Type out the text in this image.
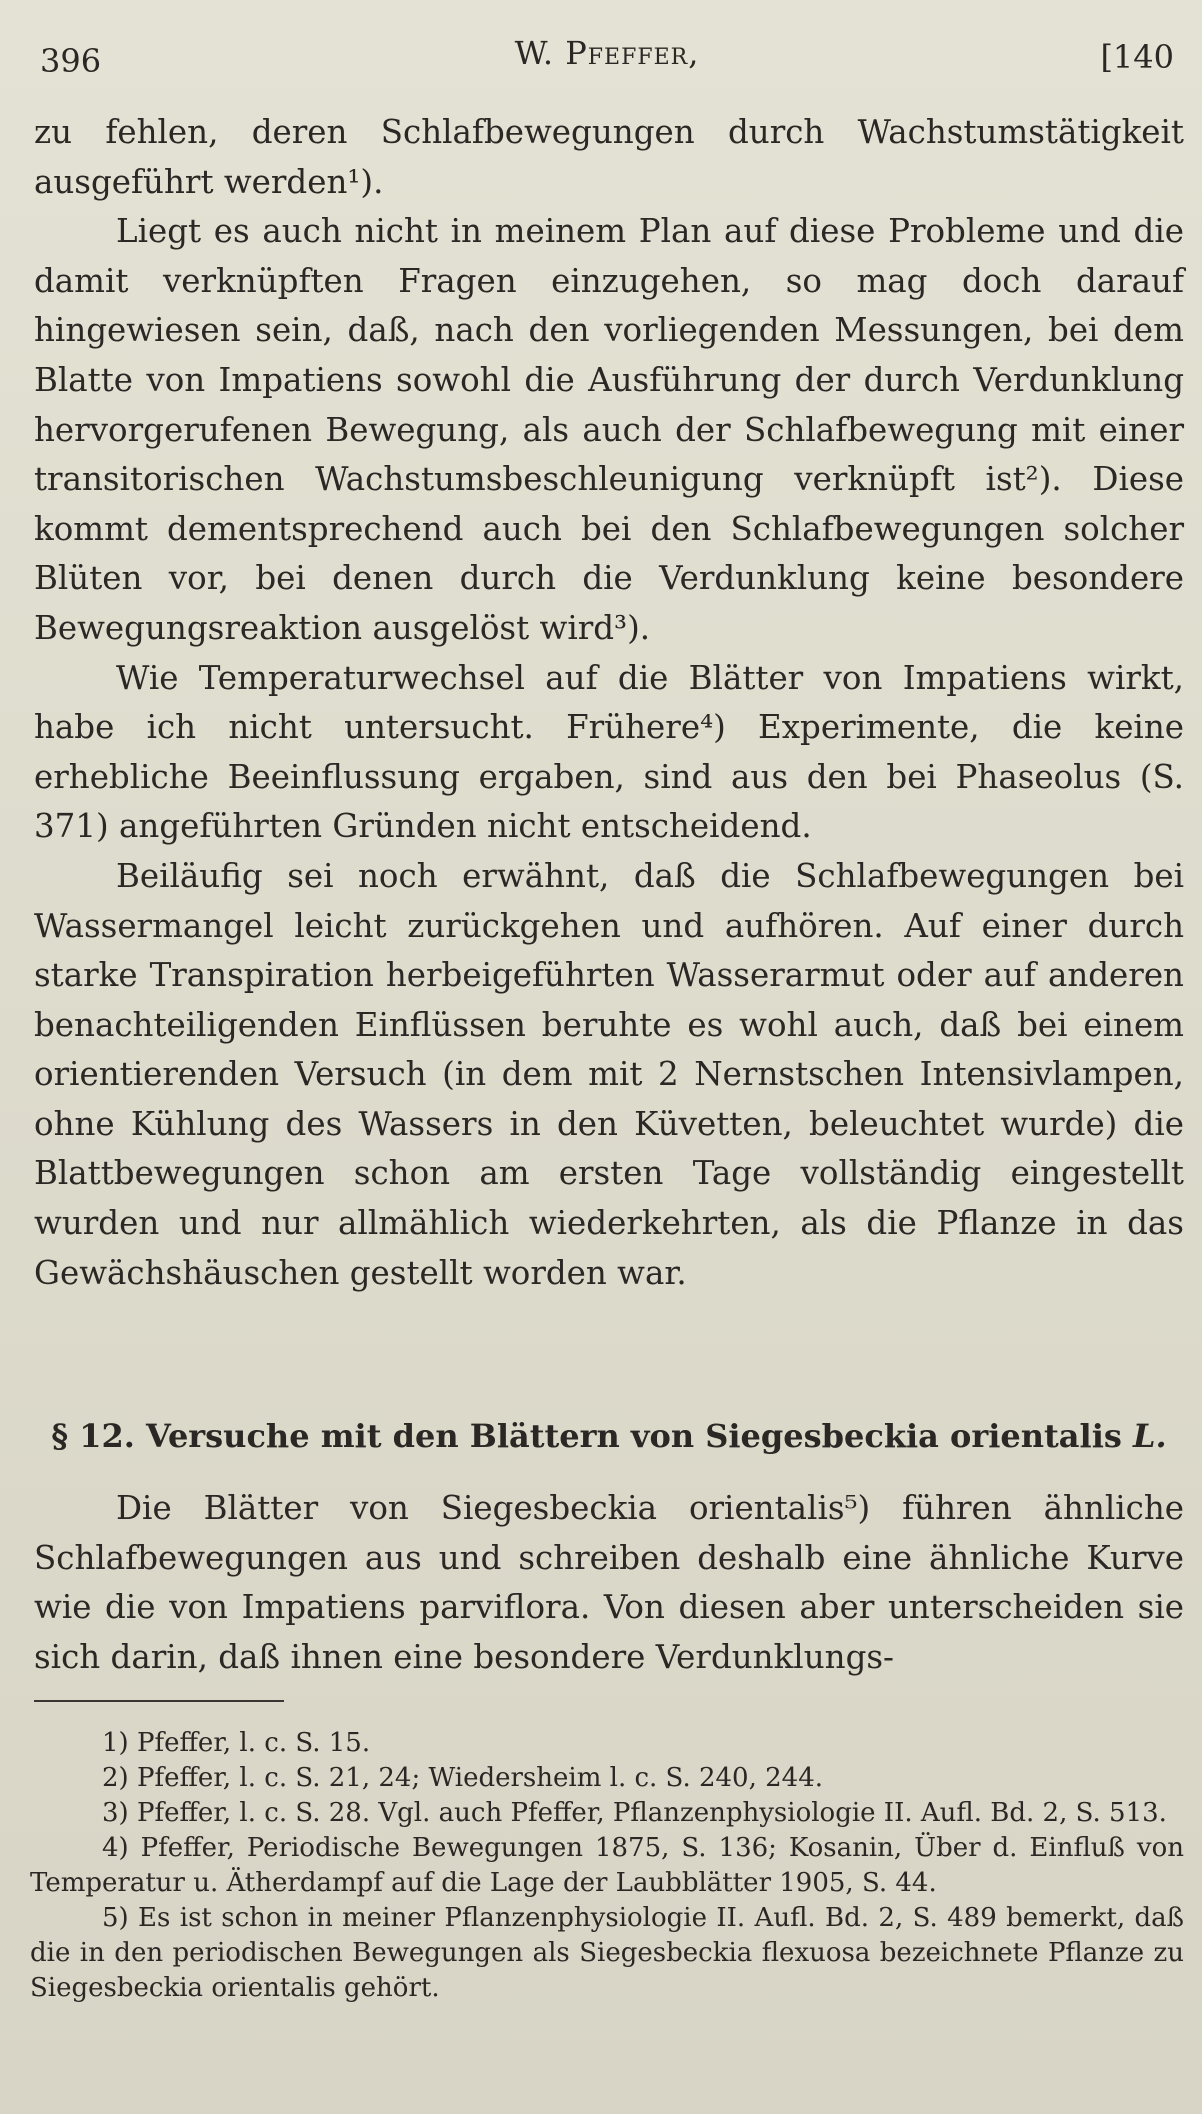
396	W. Pfeffer,	[140

zu fehlen, deren Schlafbewegungen durch Wachstumstätigkeit ausgeführt werden¹).

Liegt es auch nicht in meinem Plan auf diese Probleme und die damit verknüpften Fragen einzugehen, so mag doch darauf hingewiesen sein, daß, nach den vorliegenden Messungen, bei dem Blatte von Impatiens sowohl die Ausführung der durch Verdunklung hervorgerufenen Bewegung, als auch der Schlafbewegung mit einer transitorischen Wachstumsbeschleunigung verknüpft ist²). Diese kommt dementsprechend auch bei den Schlafbewegungen solcher Blüten vor, bei denen durch die Verdunklung keine besondere Bewegungsreaktion ausgelöst wird³).

Wie Temperaturwechsel auf die Blätter von Impatiens wirkt, habe ich nicht untersucht. Frühere⁴) Experimente, die keine erhebliche Beeinflussung ergaben, sind aus den bei Phaseolus (S. 371) angeführten Gründen nicht entscheidend.

Beiläufig sei noch erwähnt, daß die Schlafbewegungen bei Wassermangel leicht zurückgehen und aufhören. Auf einer durch starke Transpiration herbeigeführten Wasserarmut oder auf anderen benachteiligenden Einflüssen beruhte es wohl auch, daß bei einem orientierenden Versuch (in dem mit 2 Nernstschen Intensivlampen, ohne Kühlung des Wassers in den Küvetten, beleuchtet wurde) die Blattbewegungen schon am ersten Tage vollständig eingestellt wurden und nur allmählich wiederkehrten, als die Pflanze in das Gewächshäuschen gestellt worden war.

§ 12. Versuche mit den Blättern von Siegesbeckia orientalis L.

Die Blätter von Siegesbeckia orientalis⁵) führen ähnliche Schlafbewegungen aus und schreiben deshalb eine ähnliche Kurve wie die von Impatiens parviflora. Von diesen aber unterscheiden sie sich darin, daß ihnen eine besondere Verdunklungs-

1) Pfeffer, l. c. S. 15.

2) Pfeffer, l. c. S. 21, 24; Wiedersheim l. c. S. 240, 244.

3) Pfeffer, l. c. S. 28. Vgl. auch Pfeffer, Pflanzenphysiologie II. Aufl. Bd. 2, S. 513.

4) Pfeffer, Periodische Bewegungen 1875, S. 136; Kosanin, Über d. Einfluß von Temperatur u. Ätherdampf auf die Lage der Laubblätter 1905, S. 44.

5) Es ist schon in meiner Pflanzenphysiologie II. Aufl. Bd. 2, S. 489 bemerkt, daß die in den periodischen Bewegungen als Siegesbeckia flexuosa bezeichnete Pflanze zu Siegesbeckia orientalis gehört.
